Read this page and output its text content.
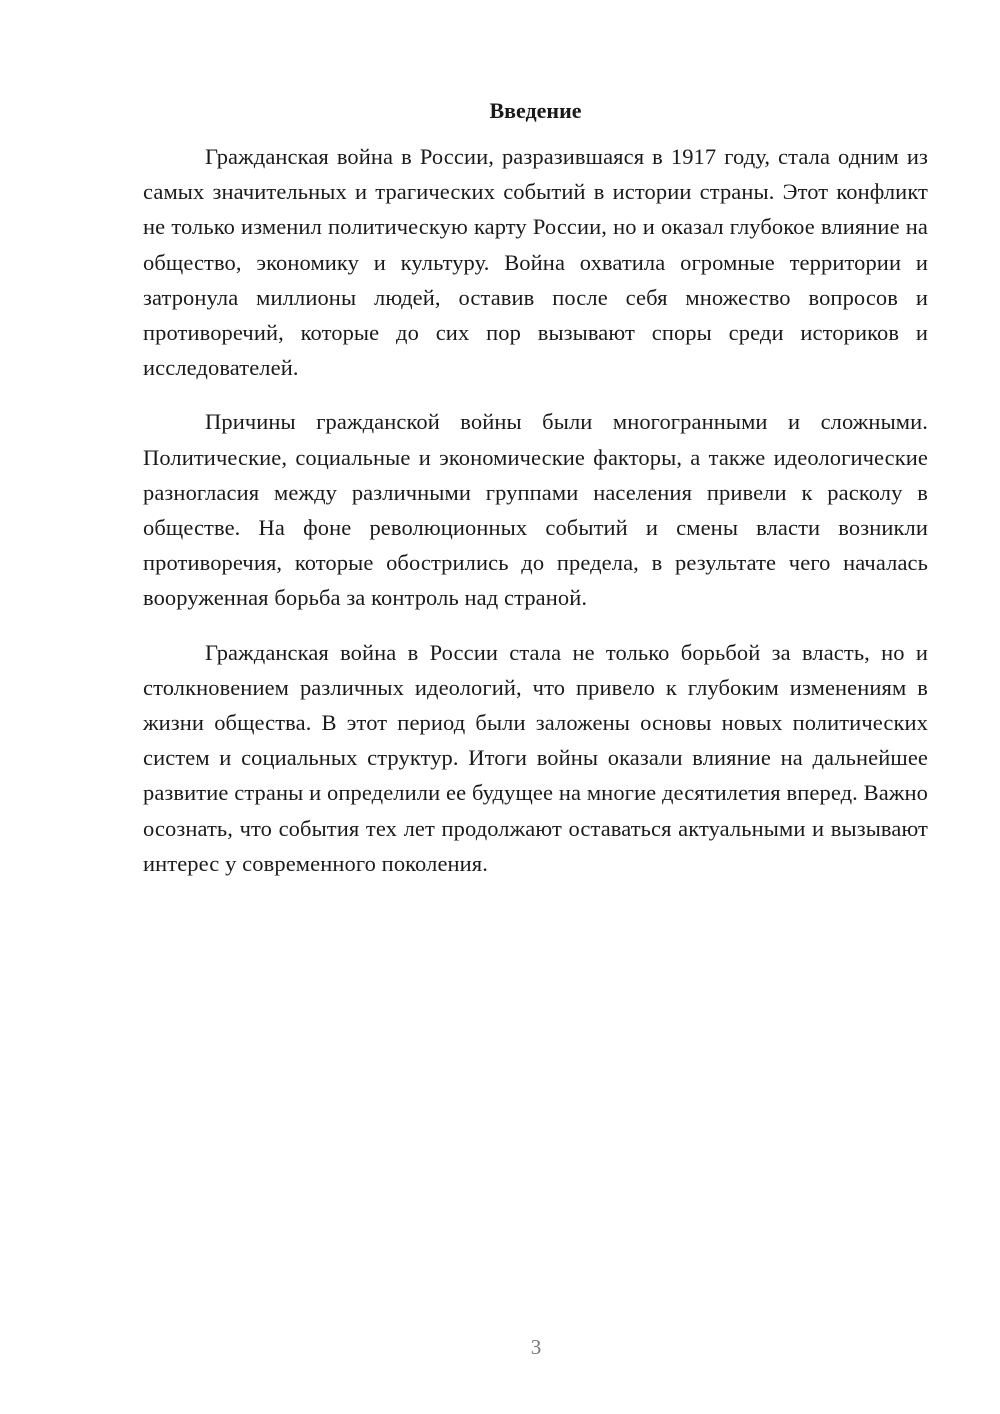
Введение

Гражданская война в России, разразившаяся в 1917 году, стала одним из самых значительных и трагических событий в истории страны. Этот конфликт не только изменил политическую карту России, но и оказал глубокое влияние на общество, экономику и культуру. Война охватила огромные территории и затронула миллионы людей, оставив после себя множество вопросов и противоречий, которые до сих пор вызывают споры среди историков и исследователей.

Причины гражданской войны были многогранными и сложными. Политические, социальные и экономические факторы, а также идеологические разногласия между различными группами населения привели к расколу в обществе. На фоне революционных событий и смены власти возникли противоречия, которые обострились до предела, в результате чего началась вооруженная борьба за контроль над страной.

Гражданская война в России стала не только борьбой за власть, но и столкновением различных идеологий, что привело к глубоким изменениям в жизни общества. В этот период были заложены основы новых политических систем и социальных структур. Итоги войны оказали влияние на дальнейшее развитие страны и определили ее будущее на многие десятилетия вперед. Важно осознать, что события тех лет продолжают оставаться актуальными и вызывают интерес у современного поколения.

3
